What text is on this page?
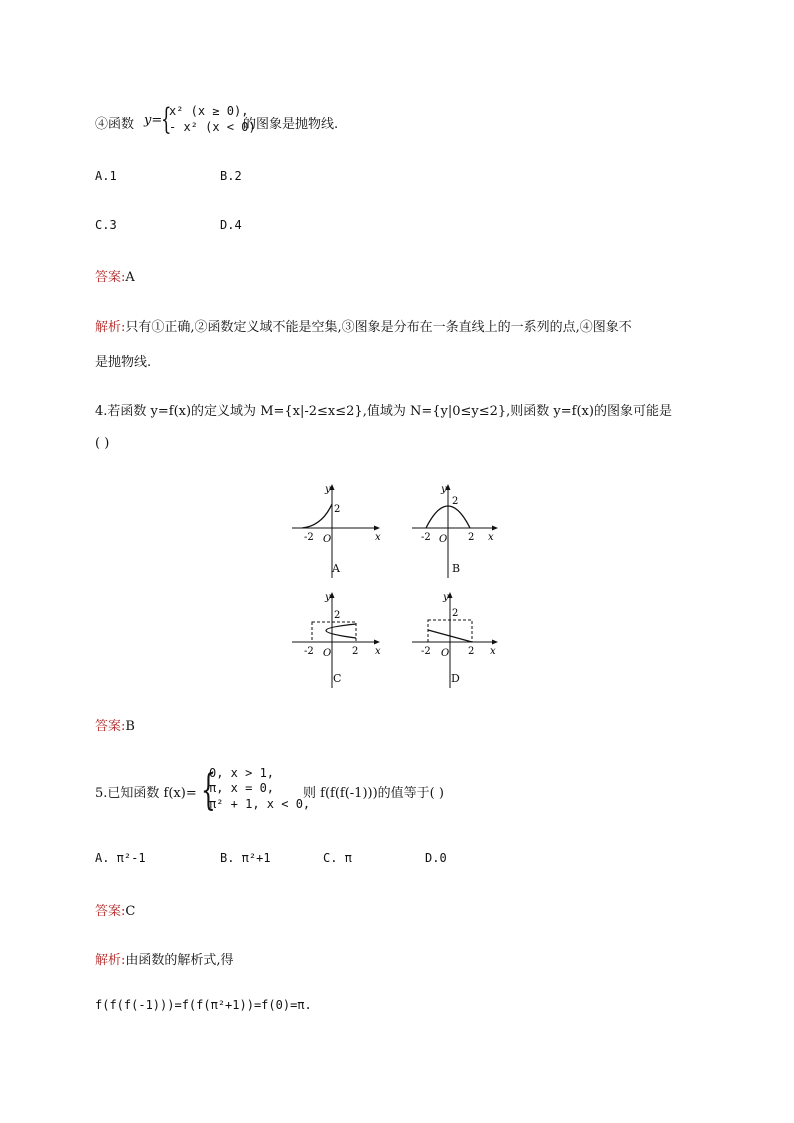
④函数 y=
{
x² (x ≥ 0),
- x² (x < 0)
的图象是抛物线.
A.1	B.2
C.3	D.4
答案:A
解析:只有①正确,②函数定义域不能是空集,③图象是分布在一条直线上的一系列的点,④图象不
是抛物线.
4.若函数 y=f(x)的定义域为 M={x|-2≤x≤2},值域为 N={y|0≤y≤2},则函数 y=f(x)的图象可能是
( )
y
x
2
-2 O
A
y
x
2
-2	2
O
B
y
x
2
-2	2
O
C
y
x
2
-2	2
O
D
答案:B
5.已知函数 f(x)= {
0, x > 1,
π, x = 0,
π² + 1, x < 0,
则 f(f(f(-1)))的值等于( )
A. π²-1	B. π²+1	C. π	D.0
答案:C
解析:由函数的解析式,得
f(f(f(-1)))=f(f(π²+1))=f(0)=π.
